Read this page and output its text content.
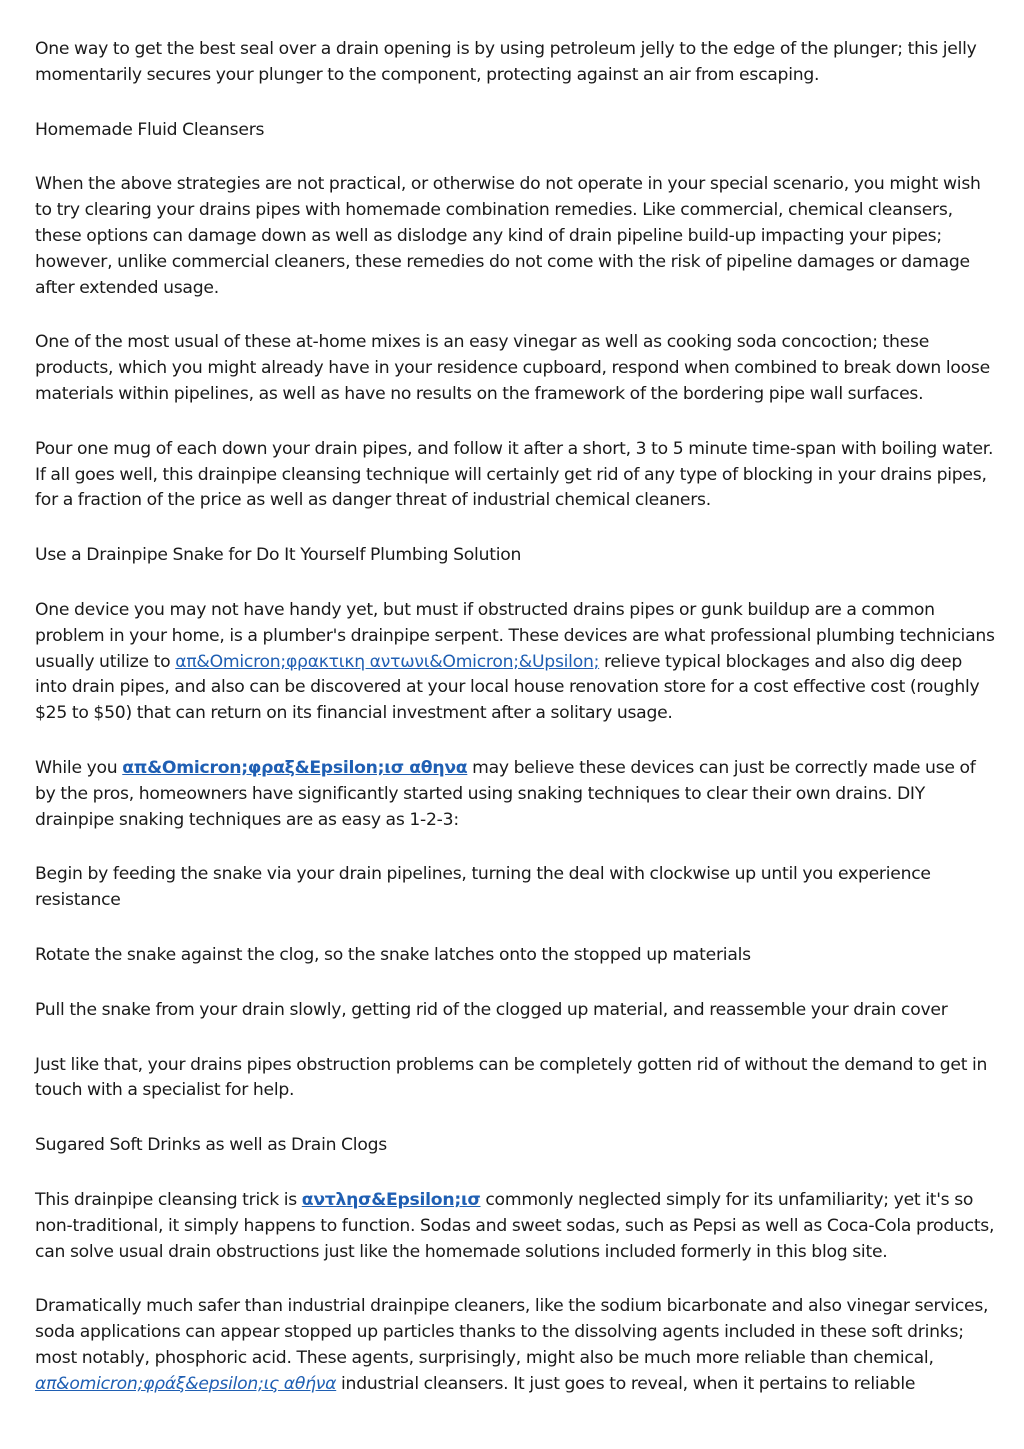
One way to get the best seal over a drain opening is by using petroleum jelly to the edge of the plunger; this jelly momentarily secures your plunger to the component, protecting against an air from escaping.

Homemade Fluid Cleansers

When the above strategies are not practical, or otherwise do not operate in your special scenario, you might wish to try clearing your drains pipes with homemade combination remedies. Like commercial, chemical cleansers, these options can damage down as well as dislodge any kind of drain pipeline build-up impacting your pipes; however, unlike commercial cleaners, these remedies do not come with the risk of pipeline damages or damage after extended usage.

One of the most usual of these at-home mixes is an easy vinegar as well as cooking soda concoction; these products, which you might already have in your residence cupboard, respond when combined to break down loose materials within pipelines, as well as have no results on the framework of the bordering pipe wall surfaces.

Pour one mug of each down your drain pipes, and follow it after a short, 3 to 5 minute time-span with boiling water. If all goes well, this drainpipe cleansing technique will certainly get rid of any type of blocking in your drains pipes, for a fraction of the price as well as danger threat of industrial chemical cleaners.

Use a Drainpipe Snake for Do It Yourself Plumbing Solution

One device you may not have handy yet, but must if obstructed drains pipes or gunk buildup are a common problem in your home, is a plumber's drainpipe serpent. These devices are what professional plumbing technicians usually utilize to απ&Omicron;φρακτικη αντωνι&Omicron;&Upsilon; relieve typical blockages and also dig deep into drain pipes, and also can be discovered at your local house renovation store for a cost effective cost (roughly $25 to $50) that can return on its financial investment after a solitary usage.

While you απ&Omicron;φραξ&Epsilon;ισ αθηνα may believe these devices can just be correctly made use of by the pros, homeowners have significantly started using snaking techniques to clear their own drains. DIY drainpipe snaking techniques are as easy as 1-2-3:

Begin by feeding the snake via your drain pipelines, turning the deal with clockwise up until you experience resistance

Rotate the snake against the clog, so the snake latches onto the stopped up materials

Pull the snake from your drain slowly, getting rid of the clogged up material, and reassemble your drain cover

Just like that, your drains pipes obstruction problems can be completely gotten rid of without the demand to get in touch with a specialist for help.

Sugared Soft Drinks as well as Drain Clogs

This drainpipe cleansing trick is αντλησ&Epsilon;ισ commonly neglected simply for its unfamiliarity; yet it's so non-traditional, it simply happens to function. Sodas and sweet sodas, such as Pepsi as well as Coca-Cola products, can solve usual drain obstructions just like the homemade solutions included formerly in this blog site.

Dramatically much safer than industrial drainpipe cleaners, like the sodium bicarbonate and also vinegar services, soda applications can appear stopped up particles thanks to the dissolving agents included in these soft drinks; most notably, phosphoric acid. These agents, surprisingly, might also be much more reliable than chemical, απ&omicron;φράξ&epsilon;ις αθήνα industrial cleansers. It just goes to reveal, when it pertains to reliable
